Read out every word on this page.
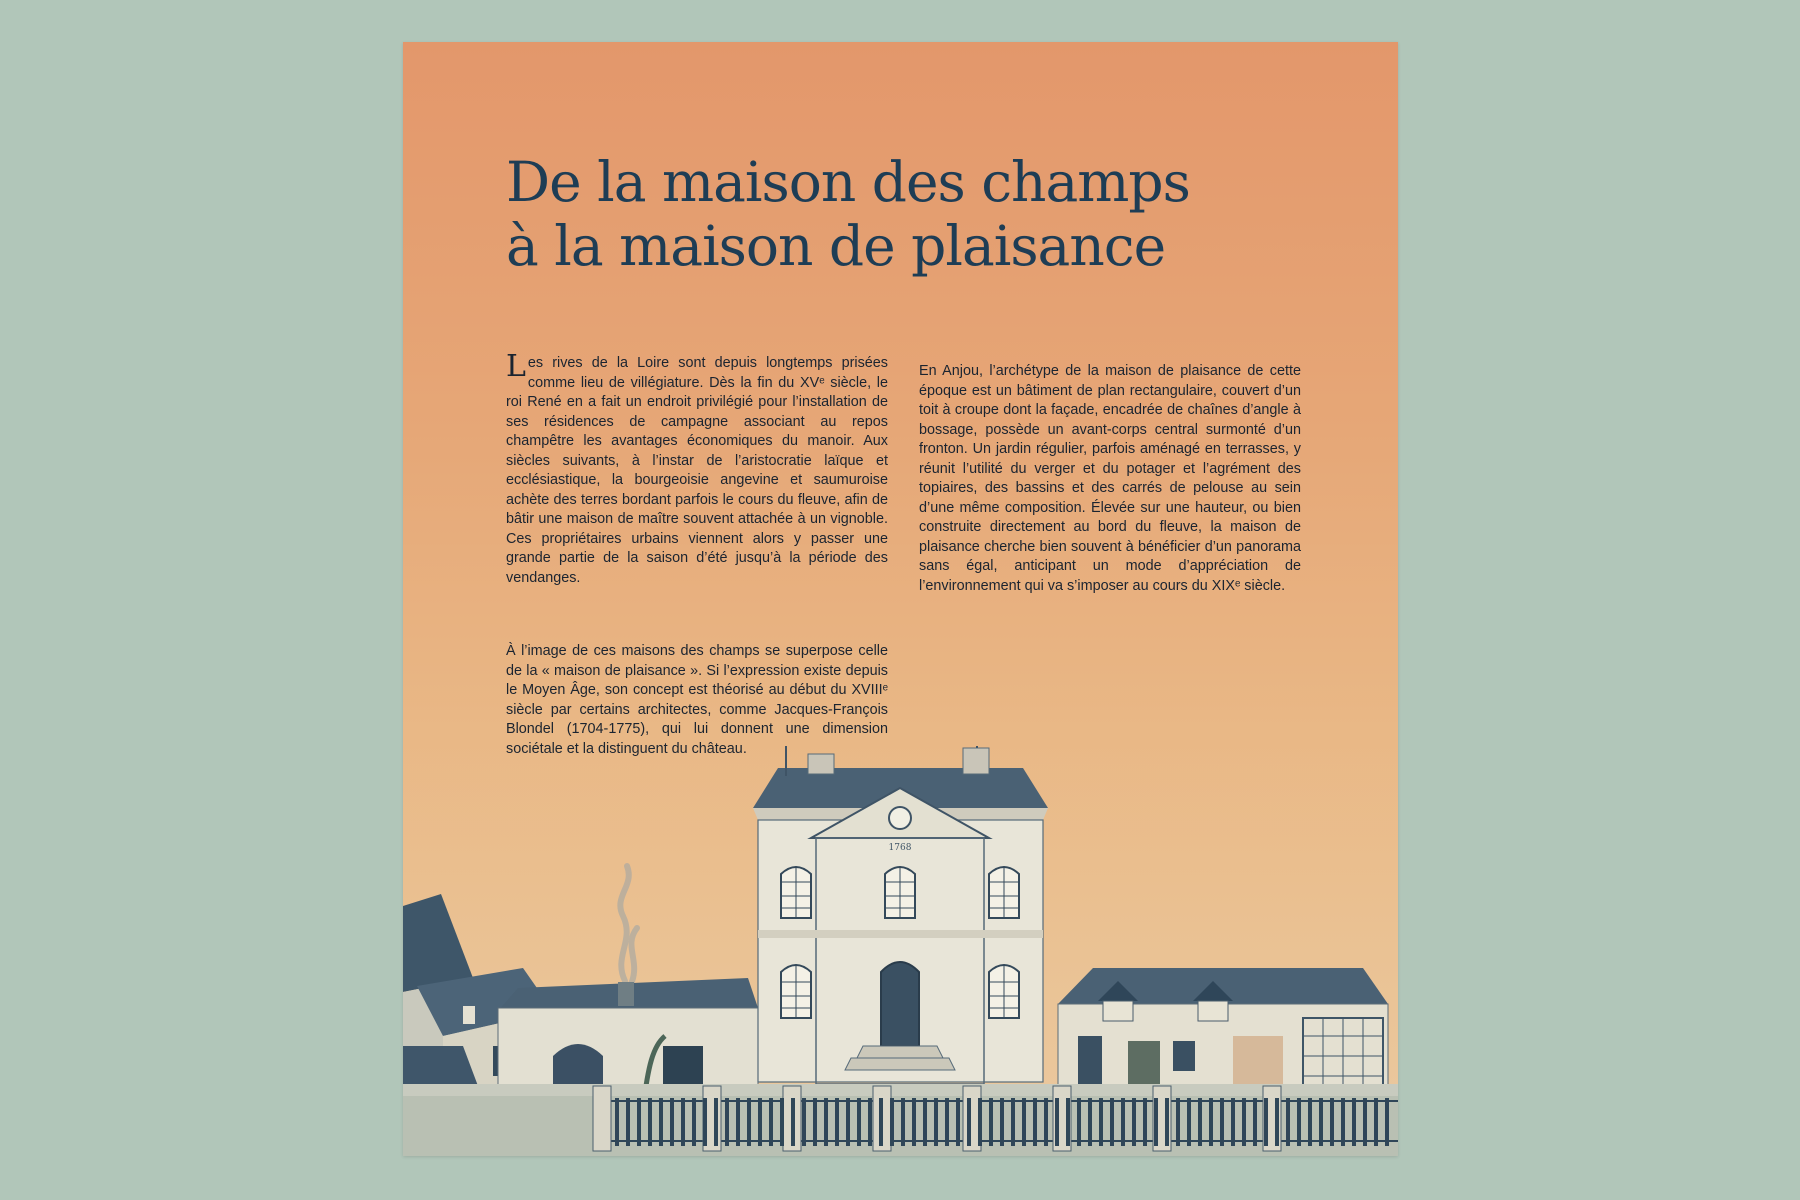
De la maison des champs
à la maison de plaisance

Les rives de la Loire sont depuis longtemps prisées comme lieu de villégiature. Dès la fin du XVᵉ siècle, le roi René en a fait un endroit privilégié pour l’installation de ses résidences de campagne associant au repos champêtre les avantages économiques du manoir. Aux siècles suivants, à l’instar de l’aristocratie laïque et ecclésiastique, la bourgeoisie angevine et saumuroise achète des terres bordant parfois le cours du fleuve, afin de bâtir une maison de maître souvent attachée à un vignoble. Ces propriétaires urbains viennent alors y passer une grande partie de la saison d’été jusqu’à la période des vendanges.

À l’image de ces maisons des champs se superpose celle de la « maison de plaisance ». Si l’expression existe depuis le Moyen Âge, son concept est théorisé au début du XVIIIᵉ siècle par certains architectes, comme Jacques-François Blondel (1704-1775), qui lui donnent une dimension

En Anjou, l’archétype de la maison de plaisance de cette époque est un bâtiment de plan rectangulaire, couvert d’un toit à croupe dont la façade, encadrée de chaînes d’angle à bossage, possède un avant-corps central surmonté d’un fronton. Un jardin régulier, parfois aménagé en terrasses, y réunit l’utilité du verger et du potager et l’agrément des topiaires, des bassins et des carrés de pelouse au sein d’une même composition. Élevée sur une hauteur, ou bien construite directement au bord du fleuve, la maison de plaisance cherche bien souvent à bénéficier d’un panorama sans égal, anticipant un mode d’appréciation de l’environnement qui va s’imposer au cours du XIXᵉ siècle.

1768
